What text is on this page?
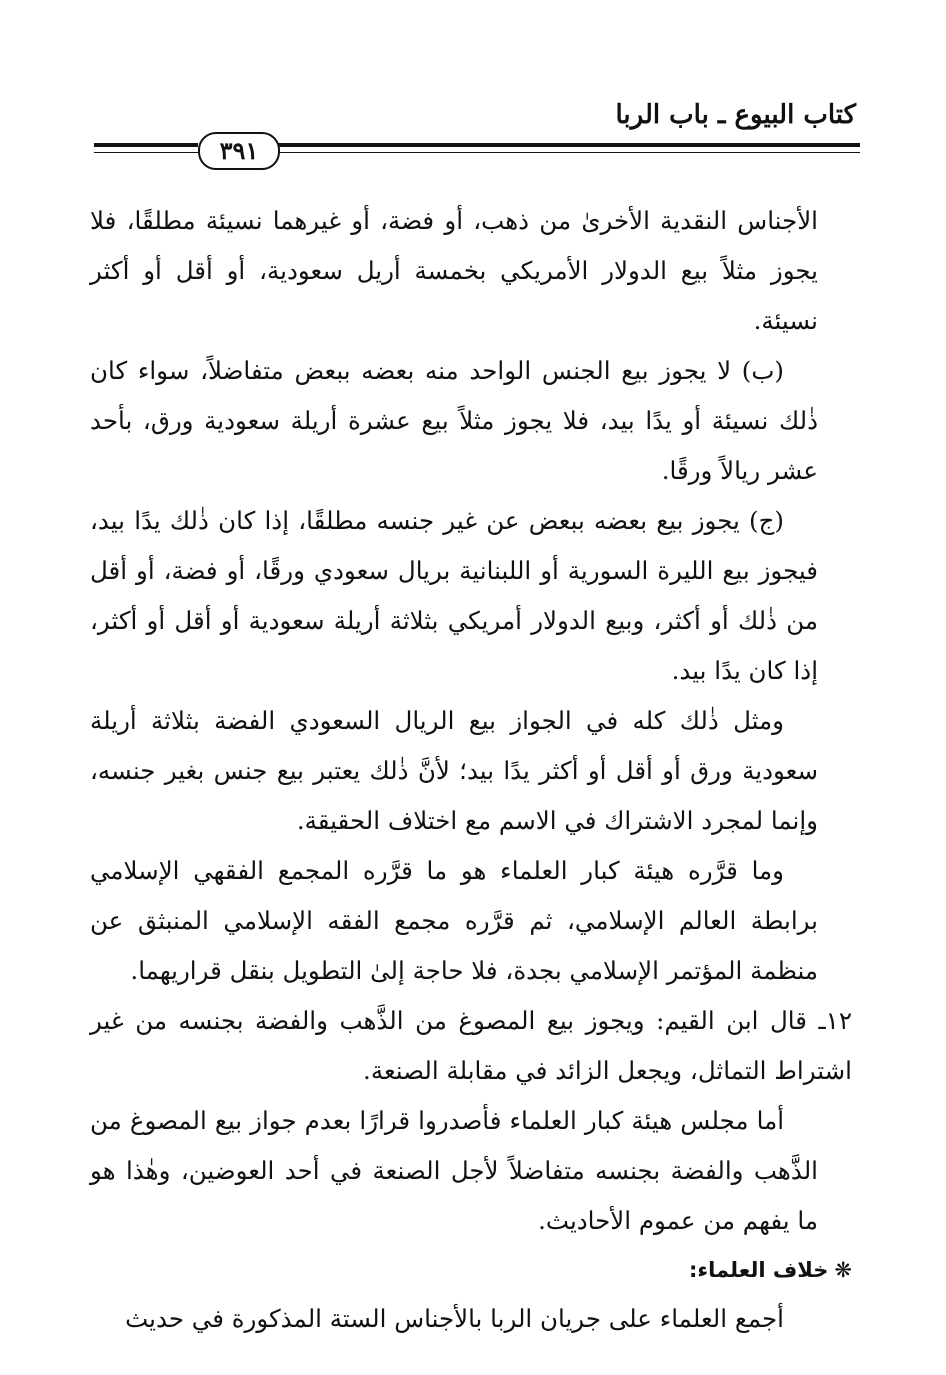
كتاب البيوع ـ باب الربا
٣٩١

الأجناس النقدية الأخرىٰ من ذهب، أو فضة، أو غيرهما نسيئة مطلقًا، فلا يجوز مثلاً بيع الدولار الأمريكي بخمسة أريل سعودية، أو أقل أو أكثر نسيئة.

(ب) لا يجوز بيع الجنس الواحد منه بعضه ببعض متفاضلاً، سواء كان ذٰلك نسيئة أو يدًا بيد، فلا يجوز مثلاً بيع عشرة أريلة سعودية ورق، بأحد عشر ريالاً ورقًا.

(ج) يجوز بيع بعضه ببعض عن غير جنسه مطلقًا، إذا كان ذٰلك يدًا بيد، فيجوز بيع الليرة السورية أو اللبنانية بريال سعودي ورقًا، أو فضة، أو أقل من ذٰلك أو أكثر، وبيع الدولار أمريكي بثلاثة أريلة سعودية أو أقل أو أكثر، إذا كان يدًا بيد.

ومثل ذٰلك كله في الجواز بيع الريال السعودي الفضة بثلاثة أريلة سعودية ورق أو أقل أو أكثر يدًا بيد؛ لأنَّ ذٰلك يعتبر بيع جنس بغير جنسه، وإنما لمجرد الاشتراك في الاسم مع اختلاف الحقيقة.

وما قرَّره هيئة كبار العلماء هو ما قرَّره المجمع الفقهي الإسلامي برابطة العالم الإسلامي، ثم قرَّره مجمع الفقه الإسلامي المنبثق عن منظمة المؤتمر الإسلامي بجدة، فلا حاجة إلىٰ التطويل بنقل قراريهما.

١٢ـ قال ابن القيم: ويجوز بيع المصوغ من الذَّهب والفضة بجنسه من غير اشتراط التماثل، ويجعل الزائد في مقابلة الصنعة.

أما مجلس هيئة كبار العلماء فأصدروا قرارًا بعدم جواز بيع المصوغ من الذَّهب والفضة بجنسه متفاضلاً لأجل الصنعة في أحد العوضين، وهٰذا هو ما يفهم من عموم الأحاديث.

❋خلاف العلماء:

أجمع العلماء على جريان الربا بالأجناس الستة المذكورة في حديث
